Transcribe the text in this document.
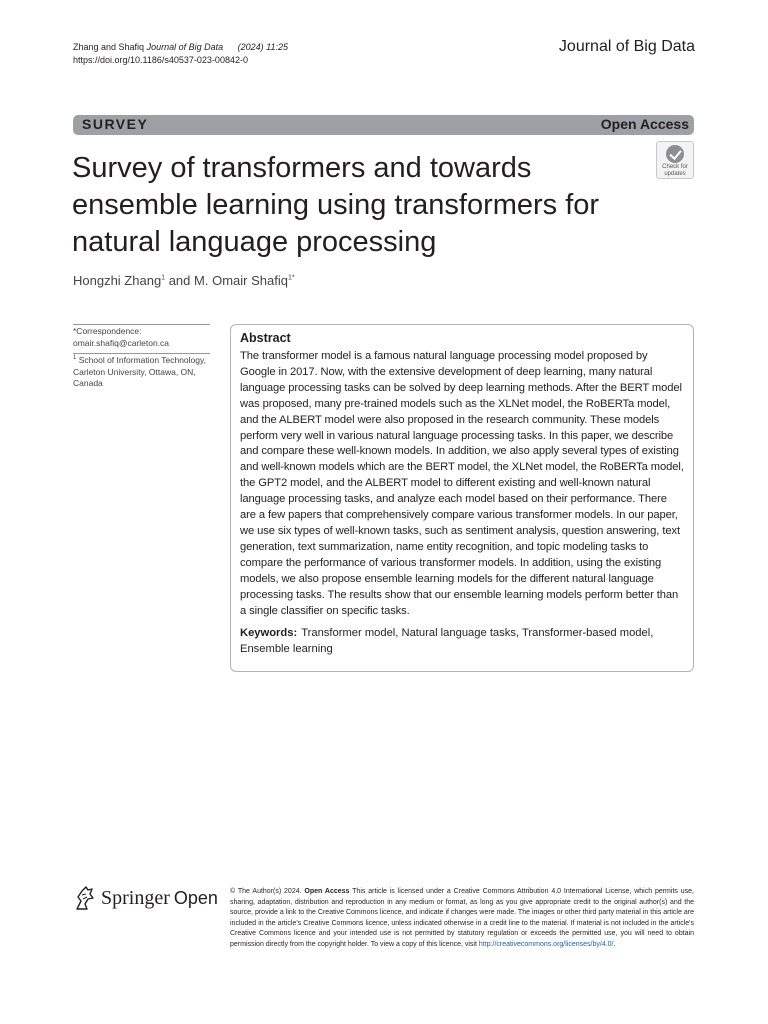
Zhang and Shafiq Journal of Big Data (2024) 11:25
https://doi.org/10.1186/s40537-023-00842-0
Journal of Big Data
SURVEY	Open Access
Survey of transformers and towards ensemble learning using transformers for natural language processing
Check for
updates
Hongzhi Zhang$^1$ and M. Omair Shafiq$^{1*}$
*Correspondence:
omair.shafiq@carleton.ca
$^1$ School of Information Technology, Carleton University, Ottawa, ON, Canada
Abstract

The transformer model is a famous natural language processing model proposed by Google in 2017. Now, with the extensive development of deep learning, many natural language processing tasks can be solved by deep learning methods. After the BERT model was proposed, many pre-trained models such as the XLNet model, the RoBERTa model, and the ALBERT model were also proposed in the research community. These models perform very well in various natural language processing tasks. In this paper, we describe and compare these well-known models. In addition, we also apply several types of existing and well-known models which are the BERT model, the XLNet model, the RoBERTa model, the GPT2 model, and the ALBERT model to different existing and well-known natural language processing tasks, and analyze each model based on their performance. There are a few papers that comprehensively compare various transformer models. In our paper, we use six types of well-known tasks, such as sentiment analysis, question answering, text generation, text summarization, name entity recognition, and topic modeling tasks to compare the performance of various transformer models. In addition, using the existing models, we also propose ensemble learning models for the different natural language processing tasks. The results show that our ensemble learning models perform better than a single classifier on specific tasks.

Keywords: Transformer model, Natural language tasks, Transformer-based model, Ensemble learning

Springer Open © The Author(s) 2024. Open Access This article is licensed under a Creative Commons Attribution 4.0 International License, which permits use, sharing, adaptation, distribution and reproduction in any medium or format, as long as you give appropriate credit to the original author(s) and the source, provide a link to the Creative Commons licence, and indicate if changes were made. The images or other third party material in this article are included in the article's Creative Commons licence, unless indicated otherwise in a credit line to the material. If material is not included in the article's Creative Commons licence and your intended use is not permitted by statutory regulation or exceeds the permitted use, you will need to obtain permission directly from the copyright holder. To view a copy of this licence, visit http://creativecommons.org/licenses/by/4.0/.
